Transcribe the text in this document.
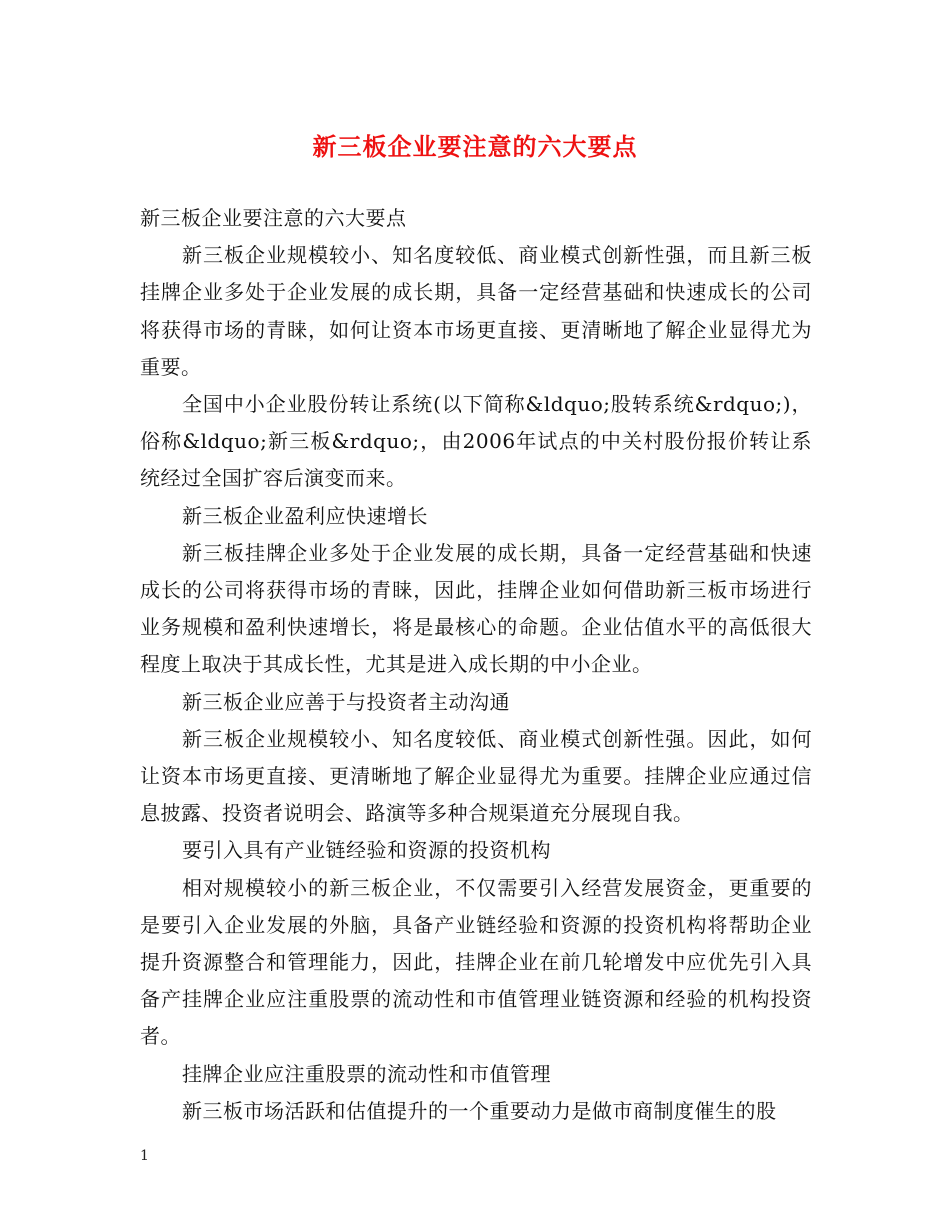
新三板企业要注意的六大要点

新三板企业要注意的六大要点

新三板企业规模较小、知名度较低、商业模式创新性强，而且新三板挂牌企业多处于企业发展的成长期，具备一定经营基础和快速成长的公司将获得市场的青睐，如何让资本市场更直接、更清晰地了解企业显得尤为重要。

全国中小企业股份转让系统(以下简称&ldquo;股转系统&rdquo;)，俗称&ldquo;新三板&rdquo;，由2006年试点的中关村股份报价转让系统经过全国扩容后演变而来。

新三板企业盈利应快速增长

新三板挂牌企业多处于企业发展的成长期，具备一定经营基础和快速成长的公司将获得市场的青睐，因此，挂牌企业如何借助新三板市场进行业务规模和盈利快速增长，将是最核心的命题。企业估值水平的高低很大程度上取决于其成长性，尤其是进入成长期的中小企业。

新三板企业应善于与投资者主动沟通

新三板企业规模较小、知名度较低、商业模式创新性强。因此，如何让资本市场更直接、更清晰地了解企业显得尤为重要。挂牌企业应通过信息披露、投资者说明会、路演等多种合规渠道充分展现自我。

要引入具有产业链经验和资源的投资机构

相对规模较小的新三板企业，不仅需要引入经营发展资金，更重要的是要引入企业发展的外脑，具备产业链经验和资源的投资机构将帮助企业提升资源整合和管理能力，因此，挂牌企业在前几轮增发中应优先引入具备产挂牌企业应注重股票的流动性和市值管理业链资源和经验的机构投资者。

挂牌企业应注重股票的流动性和市值管理

新三板市场活跃和估值提升的一个重要动力是做市商制度催生的股

1
